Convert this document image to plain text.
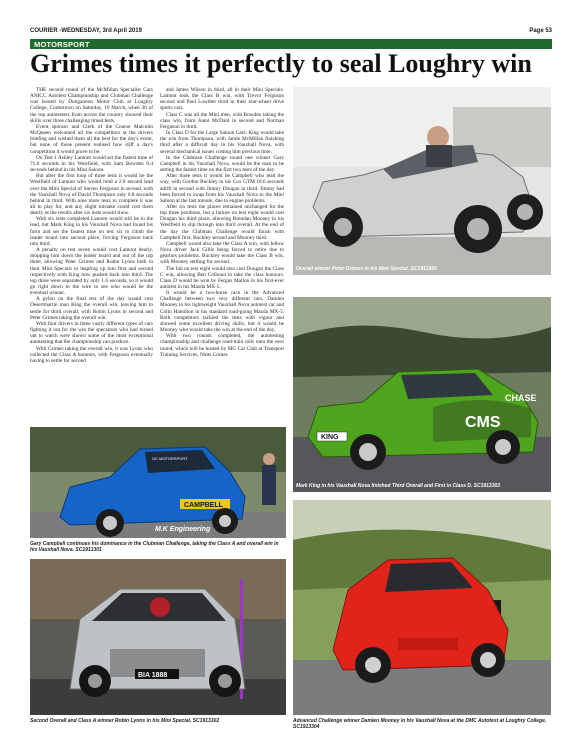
COURIER -WEDNESDAY, 3rd April 2019	Page 53
MOTORSPORT
Grimes times it perfectly to seal Loughry win

THE second round of the McMillan Specialist Cars ANICC Autotest Championship and Clubman Challenge was hosted by Dungannon Motor Club at Loughry College, Cookstown on Saturday, 16 March, when 30 of the top autotesters from across the country showed their skills over three challenging timed tests.

Event sponsor and Clerk of the Course Malcolm McQueen welcomed all the competitors at the drivers briefing and wished them all the best for the day's event, but none of those present realised how stiff a day's competition it would prove to be.

On Test 1 Ashley Lamont would set the fastest time of 71.0 seconds in his Westfield, with Sam Bowden 0.4 seconds behind in his Mini Saloon.

But after the first loop of three tests it would be the Westfield of Lamont who would hold a 2.8 second lead over the Mini Special of Steven Ferguson in second, with the Vauxhall Nova of David Thompson only 0.8 seconds behind in third. With nine more tests to complete it was all to play for, and any slight mistake could cost them dearly as the results after six tests would show.

With six tests completed Lamont would still be in the lead, but Mark King in his Vauxhall Nova had found his form and set the fastest time on test six to climb the leader board into second place, forcing Ferguson back into third.

A penalty on test seven would cost Lamont dearly, dropping him down the leader board and out of the top three, allowing Peter Grimes and Robin Lyons both in their Mini Specials to leapfrog up into first and second respectively with King now pushed back into third. The top three were separated by only 1.6 seconds, so it would go right down to the wire to see who would be the eventual winner.

A pylon on the final test of the day would cost Desertmartin man King the overall win, leaving him to settle for third overall, with Robin Lyons in second and Peter Grimes taking the overall win.

With four drivers in three vastly different types of cars fighting it out for the win the spectators who had turned out to watch were shown some of the most exceptional autotesting that the championship can produce.

With Grimes taking the overall win, it was Lyons who collected the Class A honours, with Ferguson eventually having to settle for second

and James Wilson in third, all in their Mini Specials. Lamont took the Class B win, with Trevor Ferguson second and Paul Lowther third in their rear-wheel drive sports cars.

Class C was all the Mini men, with Bowden taking the class win, from Jonni McDaid in second and Norman Ferguson in third.

In Class D for the Large Saloon Cars, King would take the win from Thompson, with Jamie McMillan finishing third after a difficult day in his Vauxhall Nova, with several mechanical issues costing him precious time.

In the Clubman Challenge round one winner Gary Campbell in his Vauxhall Nova, would be the man to be setting the fastest time on the first two tests of the day.

After three tests it would be Campbell who lead the way, with Gordon Buckley in his Cox GTM 18.6 seconds adrift in second with Jimmy Dougan in third. Jimmy had been forced to swap from his Vauxhall Nova to the Mini Saloon at the last minute, due to engine problems.

After six tests the places remained unchanged for the top three positions, but a failure on test eight would cost Dougan his third place, allowing Brendan Mooney in his Westfield to slip through into third overall. At the end of the day the Clubman Challenge would finish with Campbell first, Buckley second and Mooney third.

Campbell would also take the Class A win, with fellow Nova driver Jack Gillis being forced to retire due to gearbox problems. Buckley would take the Class B win, with Mooney settling for second.

The fail on test eight would also cost Dougan the Class C win, allowing Ben Colhoun to take the class honours. Class D would be won by Fergus Mallon in his first-ever autotest in his Mazda MX-5.

It would be a two-horse race in the Advanced Challenge between two very different cars, Damien Mooney in his lightweight Vauxhall Nova autotest car and Colin Hamilton in his standard road-going Mazda MX-5. Both competitors tackled the tests with vigour and showed some excellent driving skills, but it would be Mooney who would take the win at the end of the day.

With two rounds completed, the autotesting championship and challenge road-train rolls onto the next round, which will be hosted by MG Car Club at Transport Training Services, Nutts Corner.

Overall winner Peter Grimes in his Mini Special. SC1913300
CMS
CHASE
KING
Mark King in his Vauxhall Nova finished Third Overall and First in Class D. SC1913303
GC MOTORSPORT
CAMPBELL
M.K Engineering
Gary Campbell continues his dominance in the Clubman Challenge, taking the Class A and overall win in his Vauxhall Nova. SC1913301
BIA 1888
Second Overall and Class A winner Robin Lyons in his Mini Special. SC1913302	Advanced Challenge winner Damien Mooney in his Vauxhall Nova at the DMC Autotest at Loughry College. SC1913304
